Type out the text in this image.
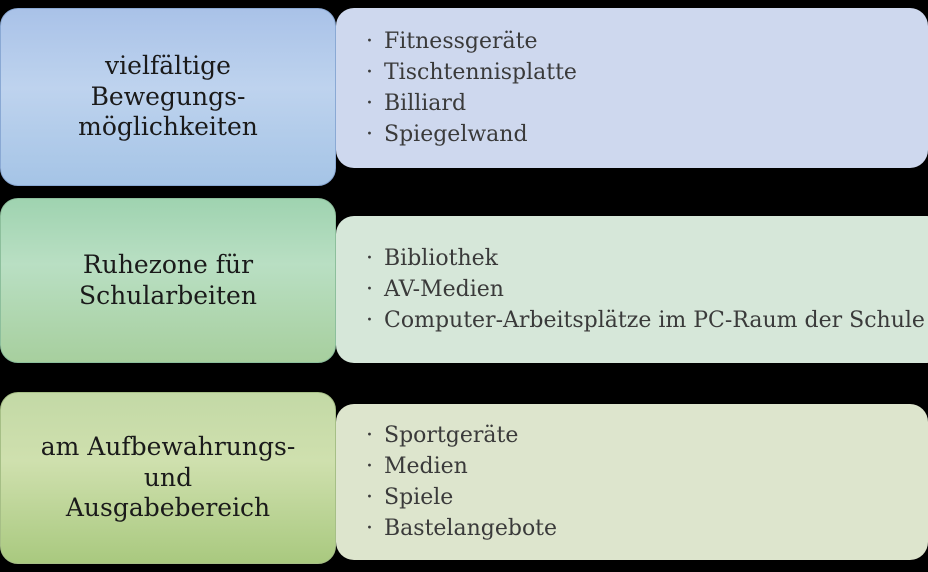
vielfältige
Bewegungs-
möglichkeiten
· Fitnessgeräte
· Tischtennisplatte
· Billiard
· Spiegelwand
Ruhezone für
Schularbeiten
· Bibliothek
· AV-Medien
· Computer-Arbeitsplätze im PC-Raum der Schule
am Aufbewahrungs-
und
Ausgabebereich
· Sportgeräte
· Medien
· Spiele
· Bastelangebote
